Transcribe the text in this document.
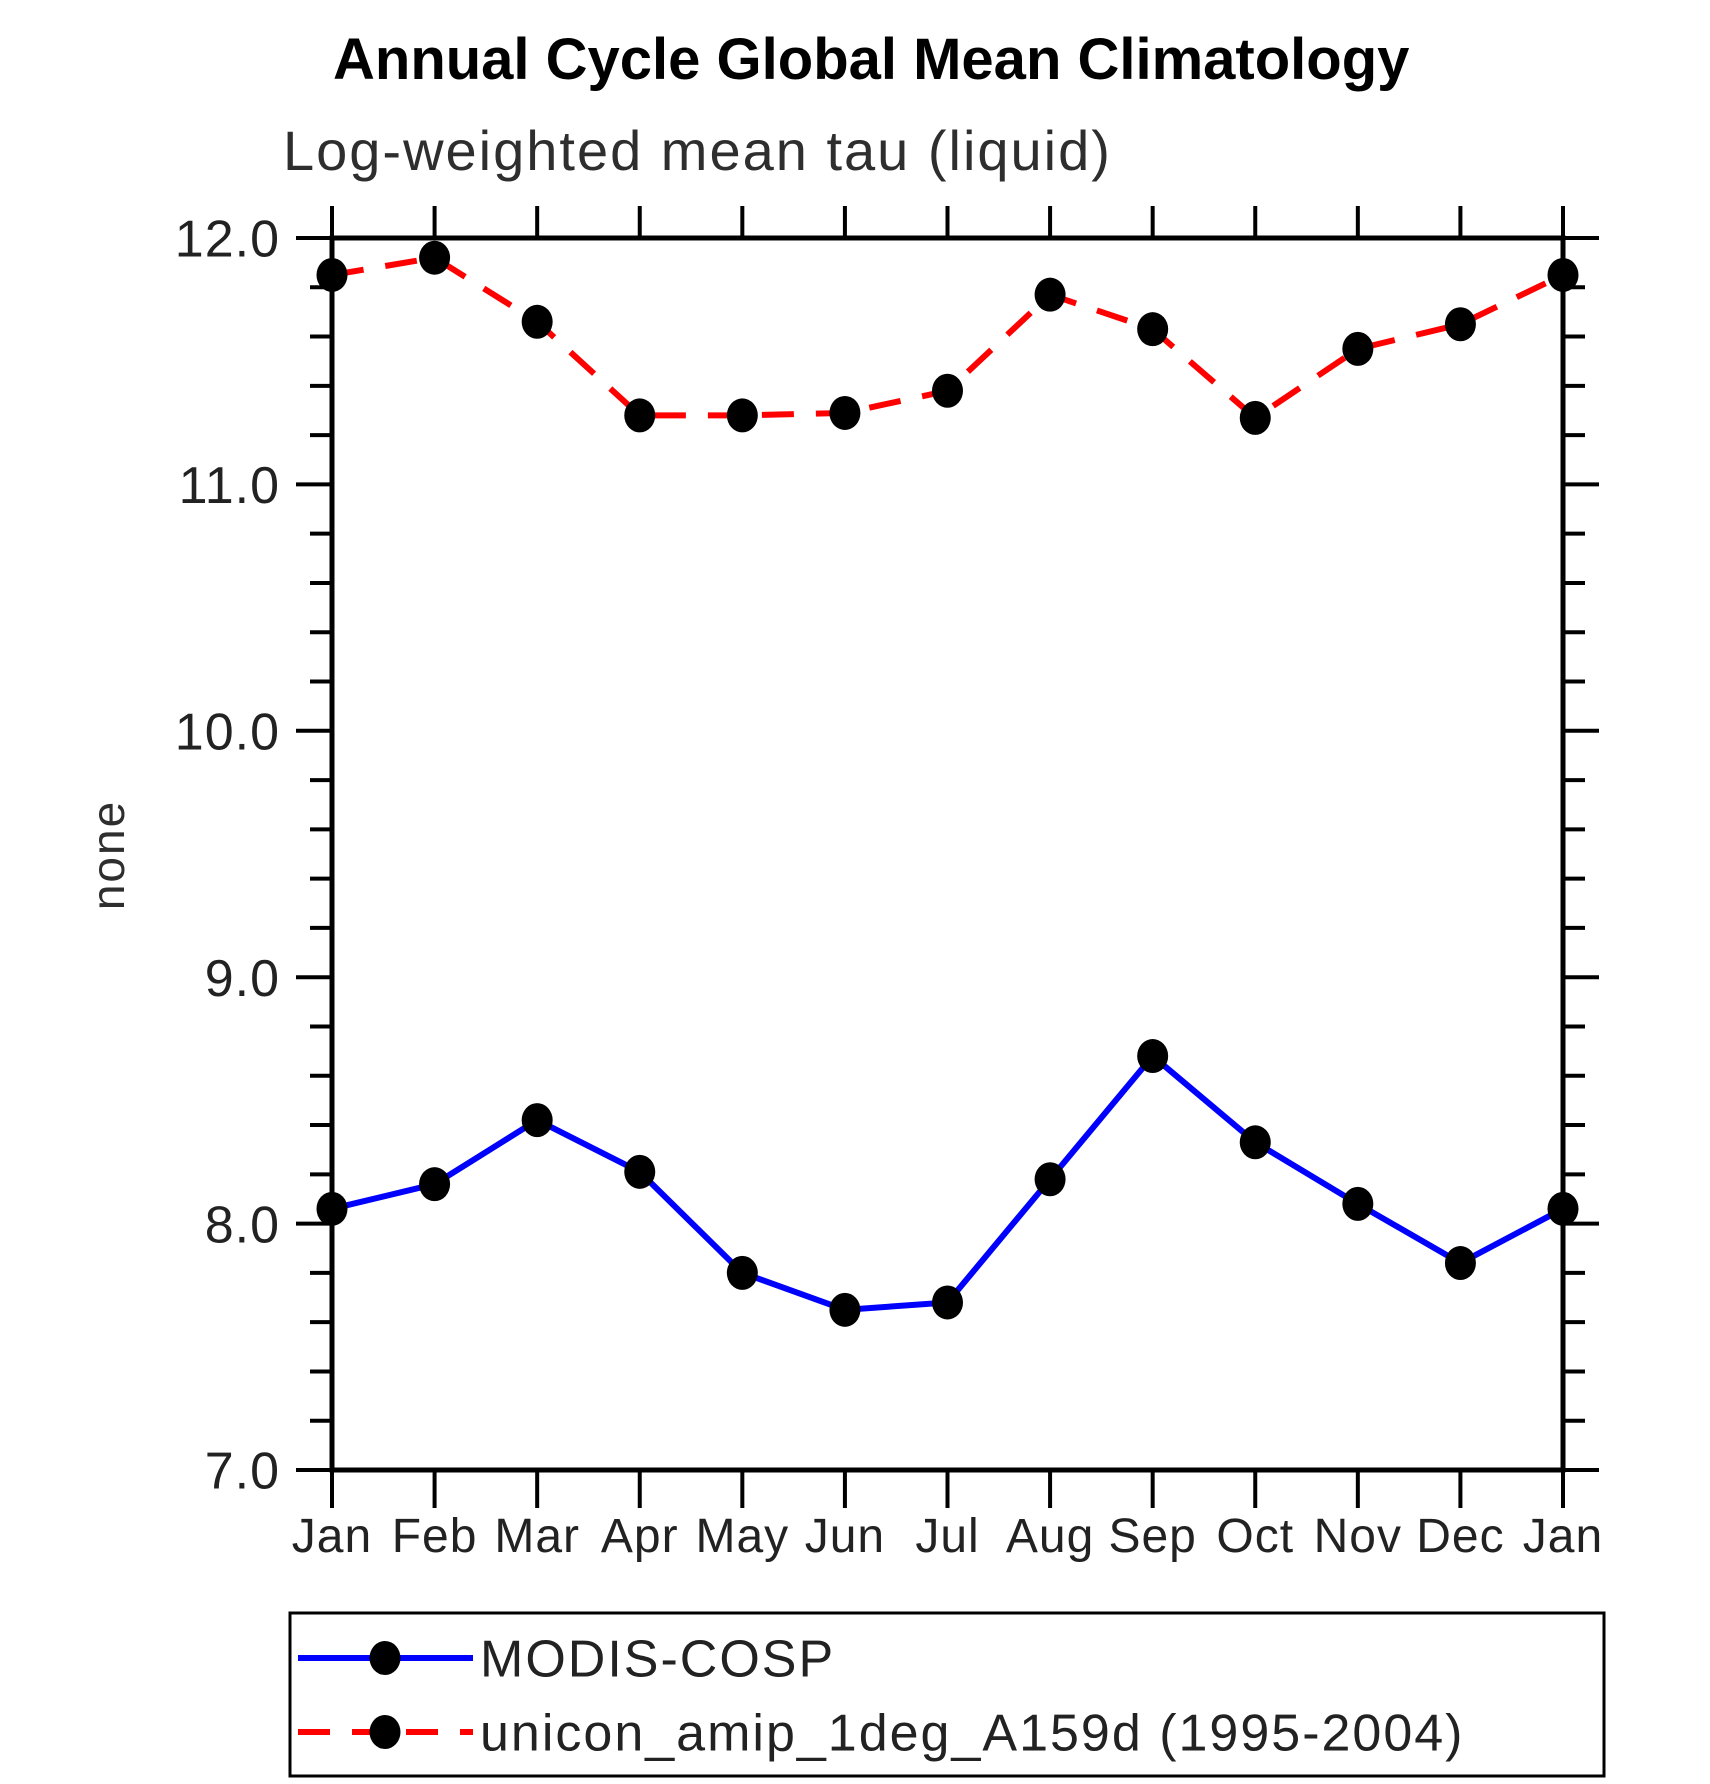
12.0
11.0
10.0
9.0
8.0
7.0
Jan Feb Mar Apr May Jun Jul Aug Sep Oct Nov Dec Jan
MODIS-COSP
unicon_amip_1deg_A159d (1995-2004)
Annual Cycle Global Mean Climatology
Log-weighted mean tau (liquid)
none
